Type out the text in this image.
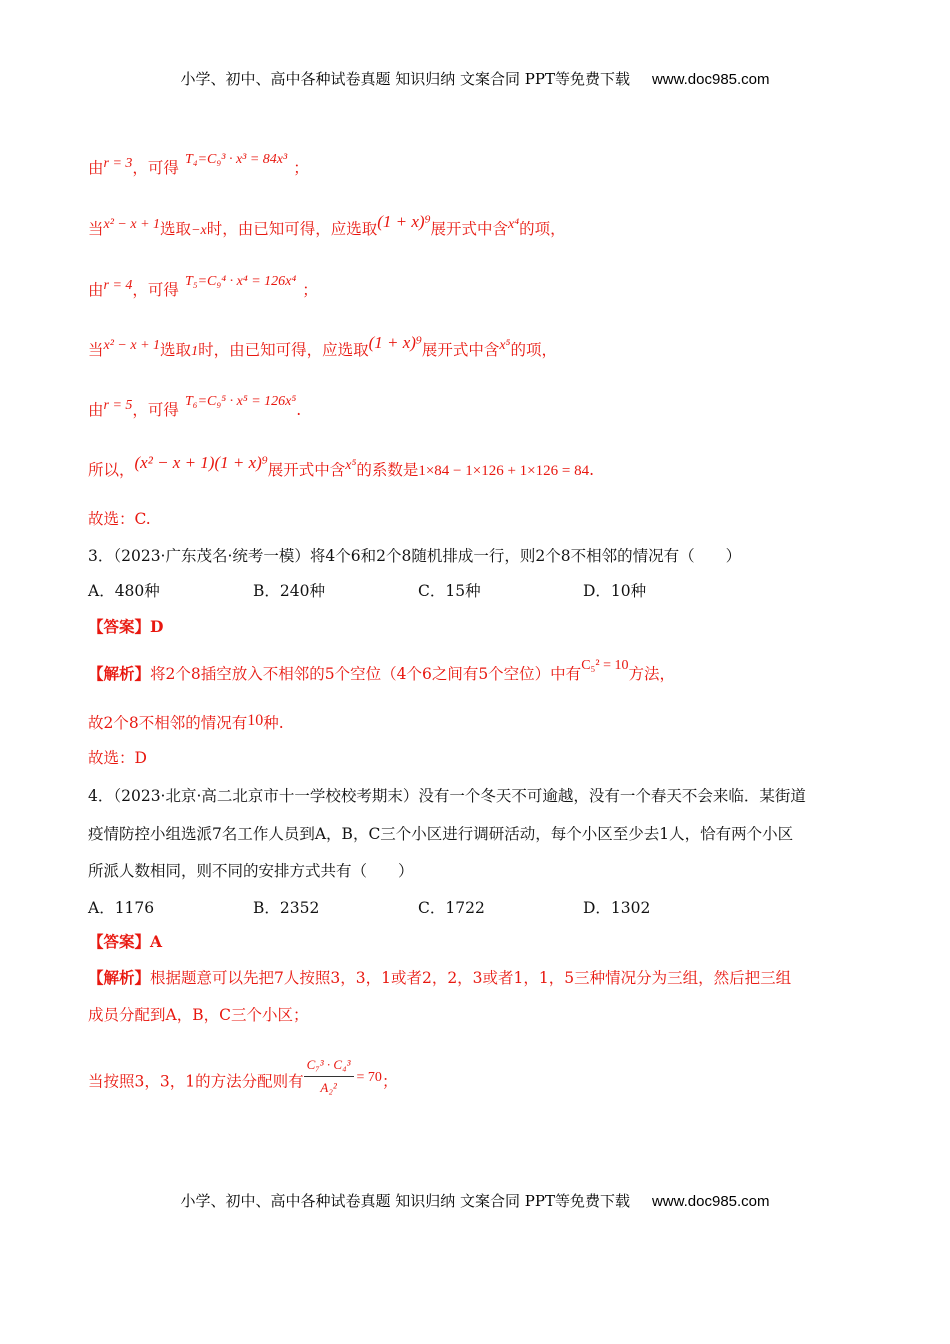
小学、初中、高中各种试卷真题 知识归纳 文案合同 PPT等免费下载 www.doc985.com
由r = 3，可得 T₄=C₉³ · x³ = 84x³ ；
当x² − x + 1选取−x时，由已知可得，应选取(1 + x)⁹展开式中含x⁴的项，
由r = 4，可得 T₅=C₉⁴ · x⁴ = 126x⁴ ；
当x² − x + 1选取1时，由已知可得，应选取(1 + x)⁹展开式中含x⁵的项，
由r = 5，可得 T₆=C₉⁵ · x⁵ = 126x⁵.
所以，(x² − x + 1)(1 + x)⁹展开式中含x⁵的系数是1×84 − 1×126 + 1×126 = 84.
故选：C.
3．（2023·广东茂名·统考一模）将4个6和2个8随机排成一行，则2个8不相邻的情况有（　　）
A．480种	B．240种	C．15种	D．10种
【答案】D
【解析】将2个8插空放入不相邻的5个空位（4个6之间有5个空位）中有C₅² = 10方法，
故2个8不相邻的情况有10种.
故选：D
4．（2023·北京·高二北京市十一学校校考期末）没有一个冬天不可逾越，没有一个春天不会来临．某街道
疫情防控小组选派7名工作人员到A，B，C三个小区进行调研活动，每个小区至少去1人，恰有两个小区
所派人数相同，则不同的安排方式共有（　　）
A．1176	B．2352	C．1722	D．1302
【答案】A
【解析】根据题意可以先把7人按照3，3，1或者2，2，3或者1，1，5三种情况分为三组，然后把三组
成员分配到A，B，C三个小区；
当按照3，3，1的方法分配则有 $\frac{\text{C₇³ · C₄³}}{\text{A₂²}} = 70$；
小学、初中、高中各种试卷真题 知识归纳 文案合同 PPT等免费下载 www.doc985.com
